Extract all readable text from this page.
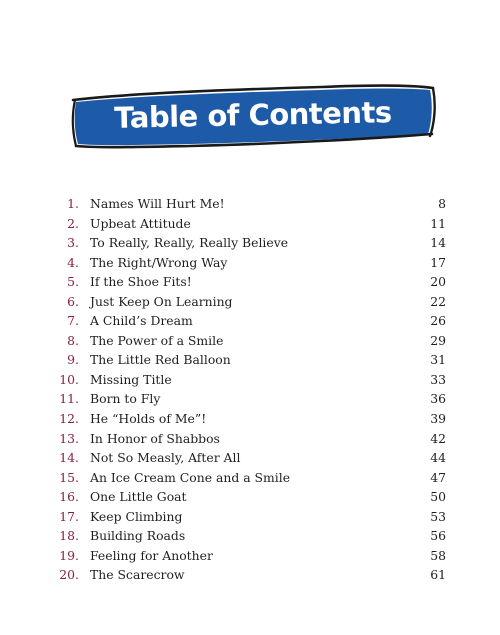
Table of Contents
1. Names Will Hurt Me!	8
2. Upbeat Attitude	11
3. To Really, Really, Really Believe	14
4. The Right/Wrong Way	17
5. If the Shoe Fits!	20
6. Just Keep On Learning	22
7. A Child’s Dream	26
8. The Power of a Smile	29
9. The Little Red Balloon	31
10. Missing Title	33
11. Born to Fly	36
12. He “Holds of Me”!	39
13. In Honor of Shabbos	42
14. Not So Measly, After All	44
15. An Ice Cream Cone and a Smile	47
16. One Little Goat	50
17. Keep Climbing	53
18. Building Roads	56
19. Feeling for Another	58
20. The Scarecrow	61
